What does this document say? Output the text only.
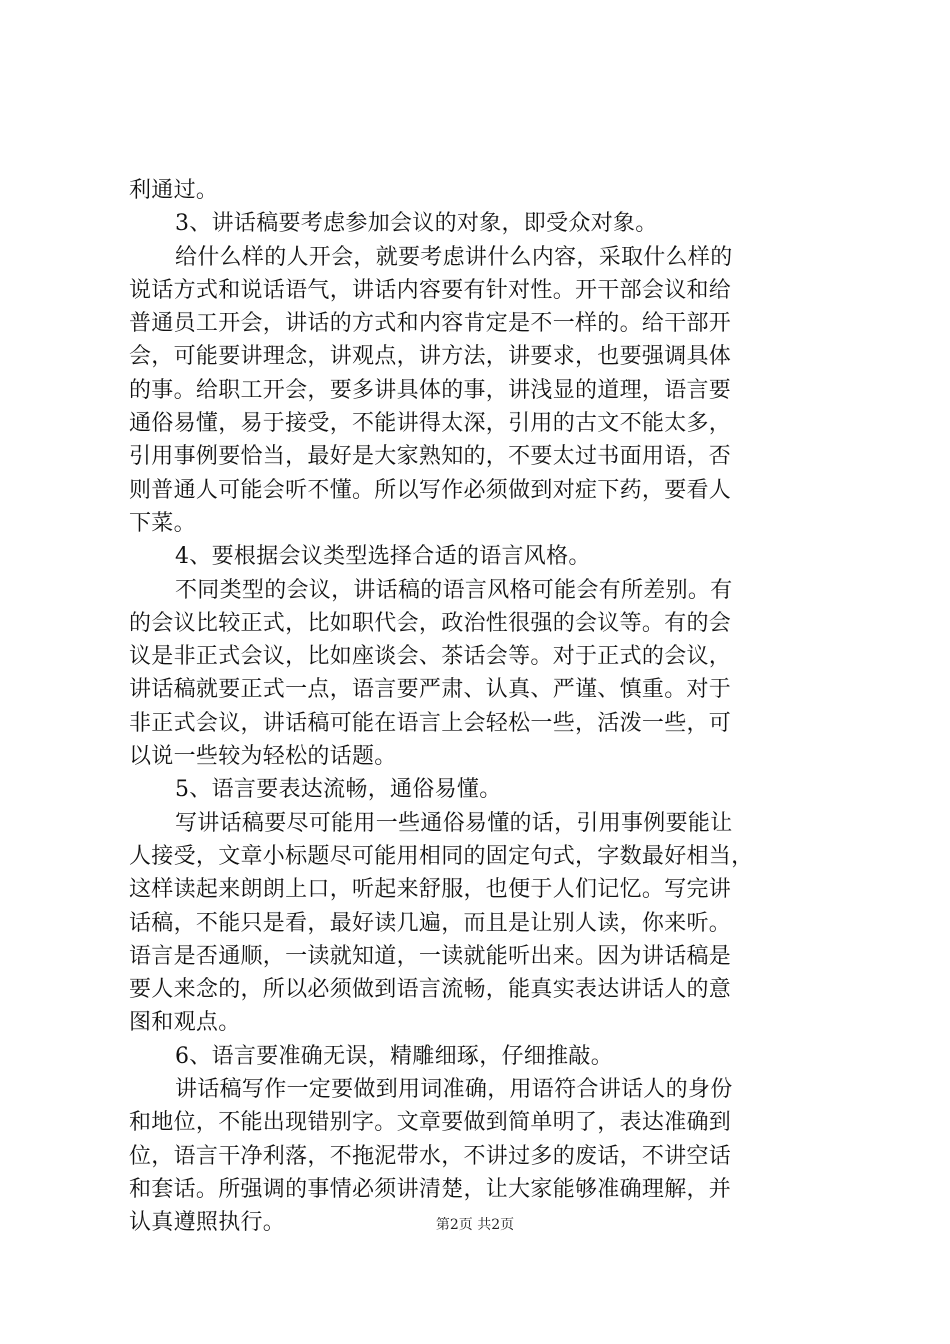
利通过。
3、讲话稿要考虑参加会议的对象，即受众对象。
给什么样的人开会，就要考虑讲什么内容，采取什么样的
说话方式和说话语气，讲话内容要有针对性。开干部会议和给
普通员工开会，讲话的方式和内容肯定是不一样的。给干部开
会，可能要讲理念，讲观点，讲方法，讲要求，也要强调具体
的事。给职工开会，要多讲具体的事，讲浅显的道理，语言要
通俗易懂，易于接受，不能讲得太深，引用的古文不能太多，
引用事例要恰当，最好是大家熟知的，不要太过书面用语，否
则普通人可能会听不懂。所以写作必须做到对症下药，要看人
下菜。
4、要根据会议类型选择合适的语言风格。
不同类型的会议，讲话稿的语言风格可能会有所差别。有
的会议比较正式，比如职代会，政治性很强的会议等。有的会
议是非正式会议，比如座谈会、茶话会等。对于正式的会议，
讲话稿就要正式一点，语言要严肃、认真、严谨、慎重。对于
非正式会议，讲话稿可能在语言上会轻松一些，活泼一些，可
以说一些较为轻松的话题。
5、语言要表达流畅，通俗易懂。
写讲话稿要尽可能用一些通俗易懂的话，引用事例要能让
人接受，文章小标题尽可能用相同的固定句式，字数最好相当，
这样读起来朗朗上口，听起来舒服，也便于人们记忆。写完讲
话稿，不能只是看，最好读几遍，而且是让别人读，你来听。
语言是否通顺，一读就知道，一读就能听出来。因为讲话稿是
要人来念的，所以必须做到语言流畅，能真实表达讲话人的意
图和观点。
6、语言要准确无误，精雕细琢，仔细推敲。
讲话稿写作一定要做到用词准确，用语符合讲话人的身份
和地位，不能出现错别字。文章要做到简单明了，表达准确到
位，语言干净利落，不拖泥带水，不讲过多的废话，不讲空话
和套话。所强调的事情必须讲清楚，让大家能够准确理解，并
认真遵照执行。	第2页 共2页
